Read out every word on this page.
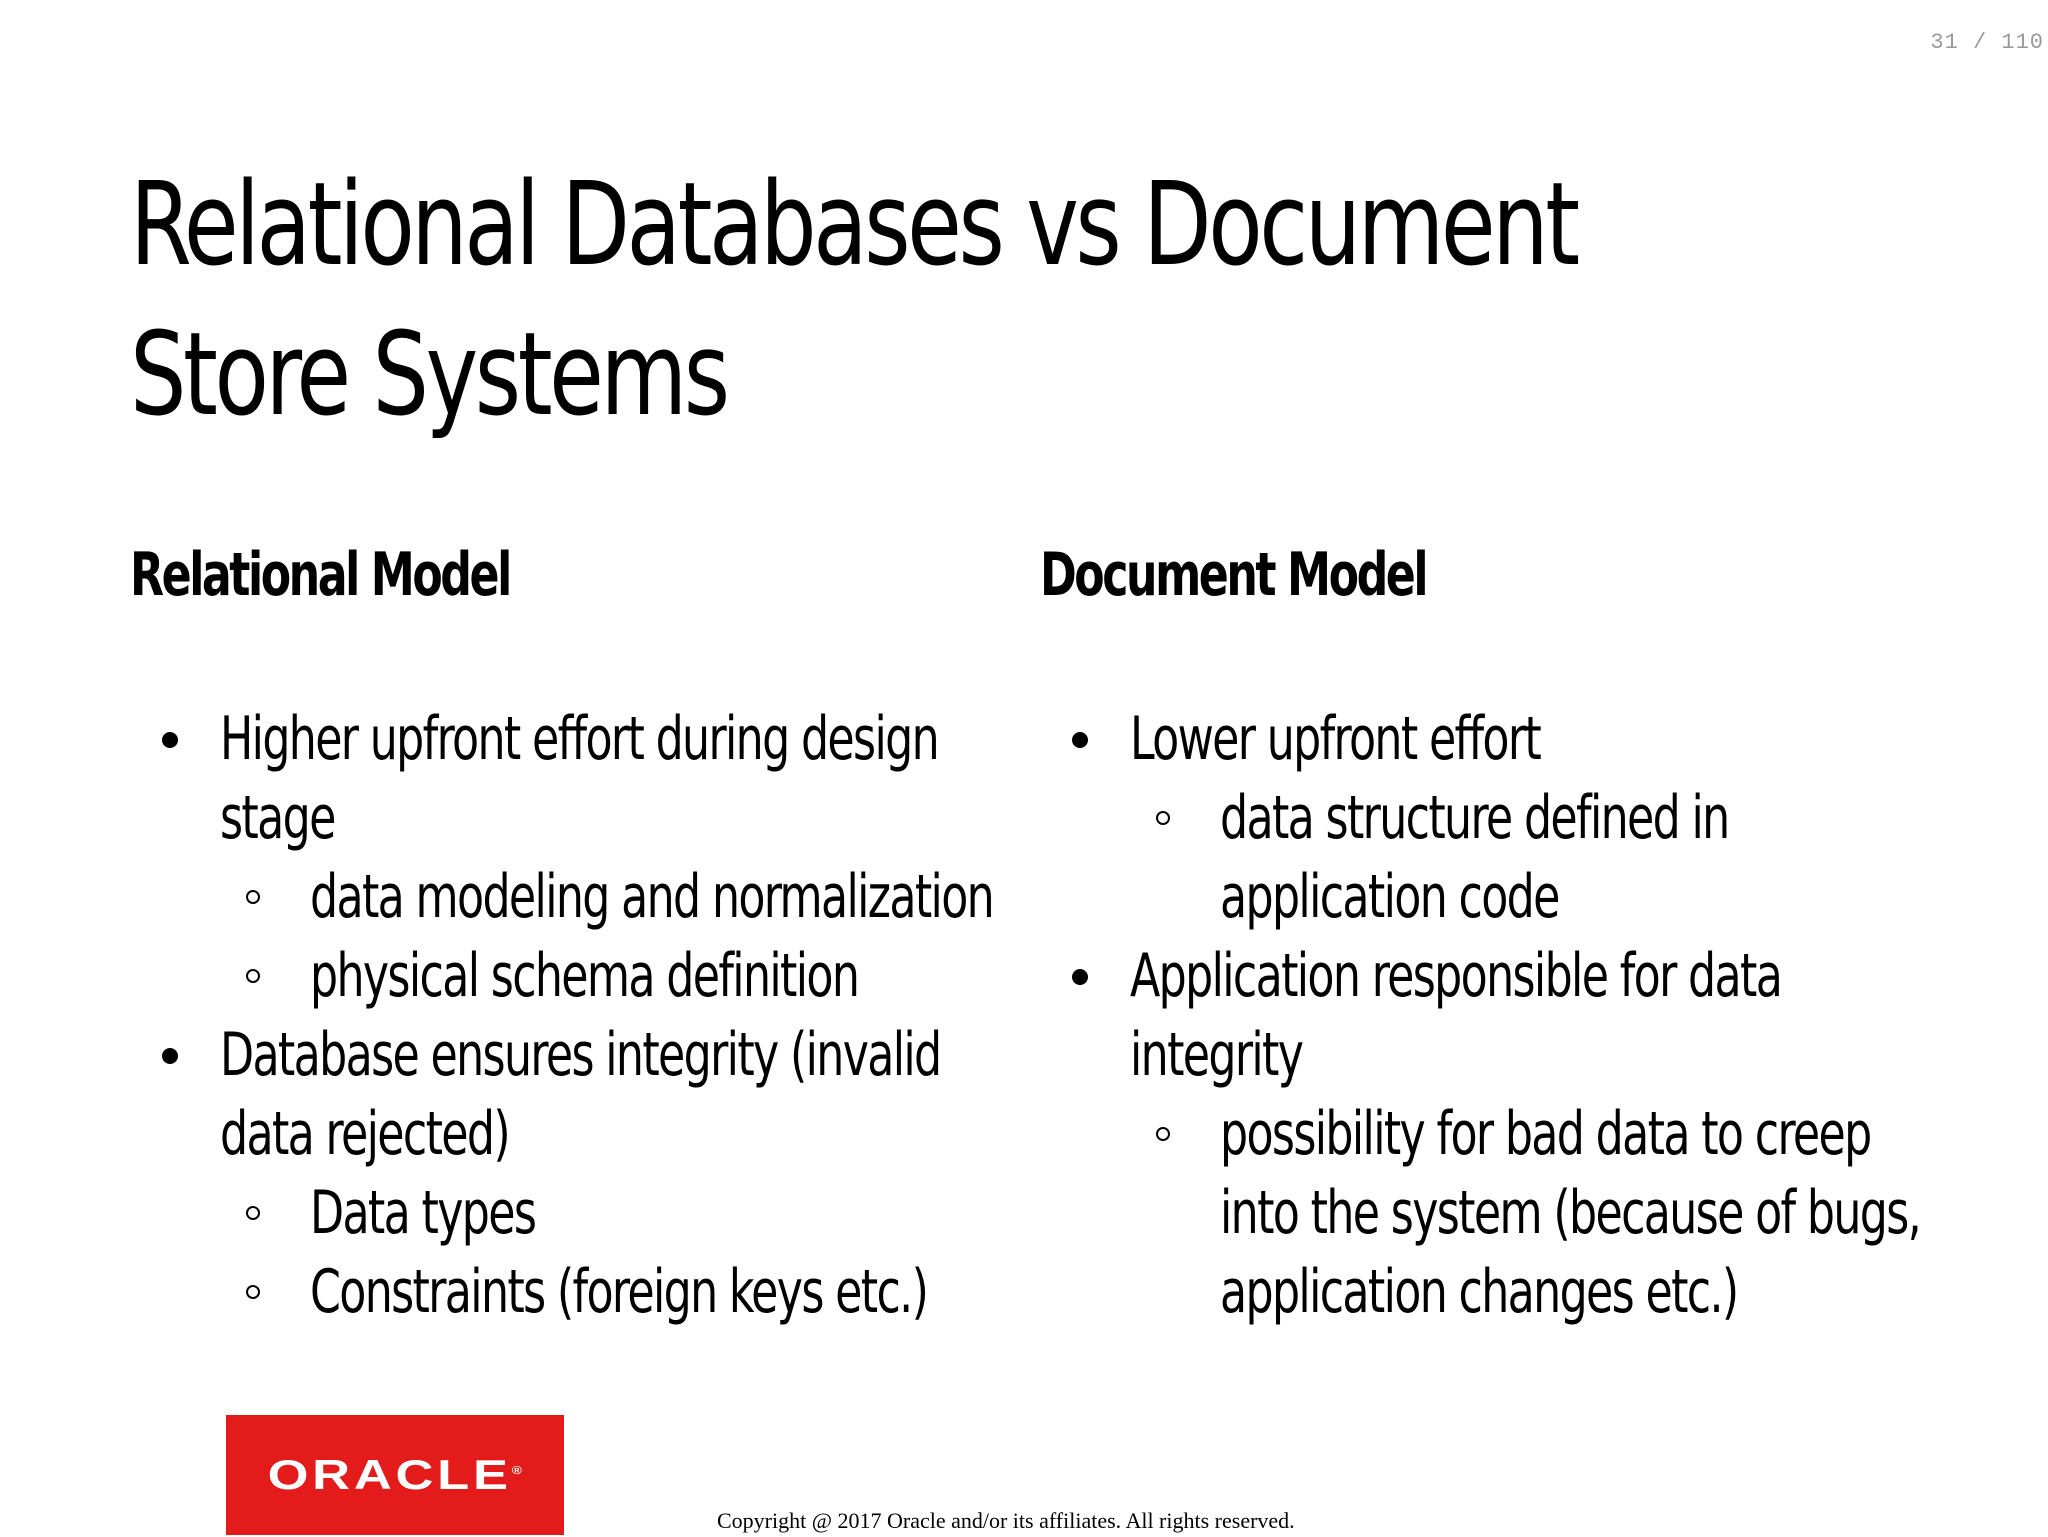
31 / 110
Relational Databases vs Document Store Systems
Relational Model
Higher upfront effort during design stage
data modeling and normalization
physical schema definition
Database ensures integrity (invalid data rejected)
Data types
Constraints (foreign keys etc.)
Document Model
Lower upfront effort
data structure defined in application code
Application responsible for data integrity
possibility for bad data to creep into the system (because of bugs, application changes etc.)
ORACLE®
Copyright @ 2017 Oracle and/or its affiliates. All rights reserved.
